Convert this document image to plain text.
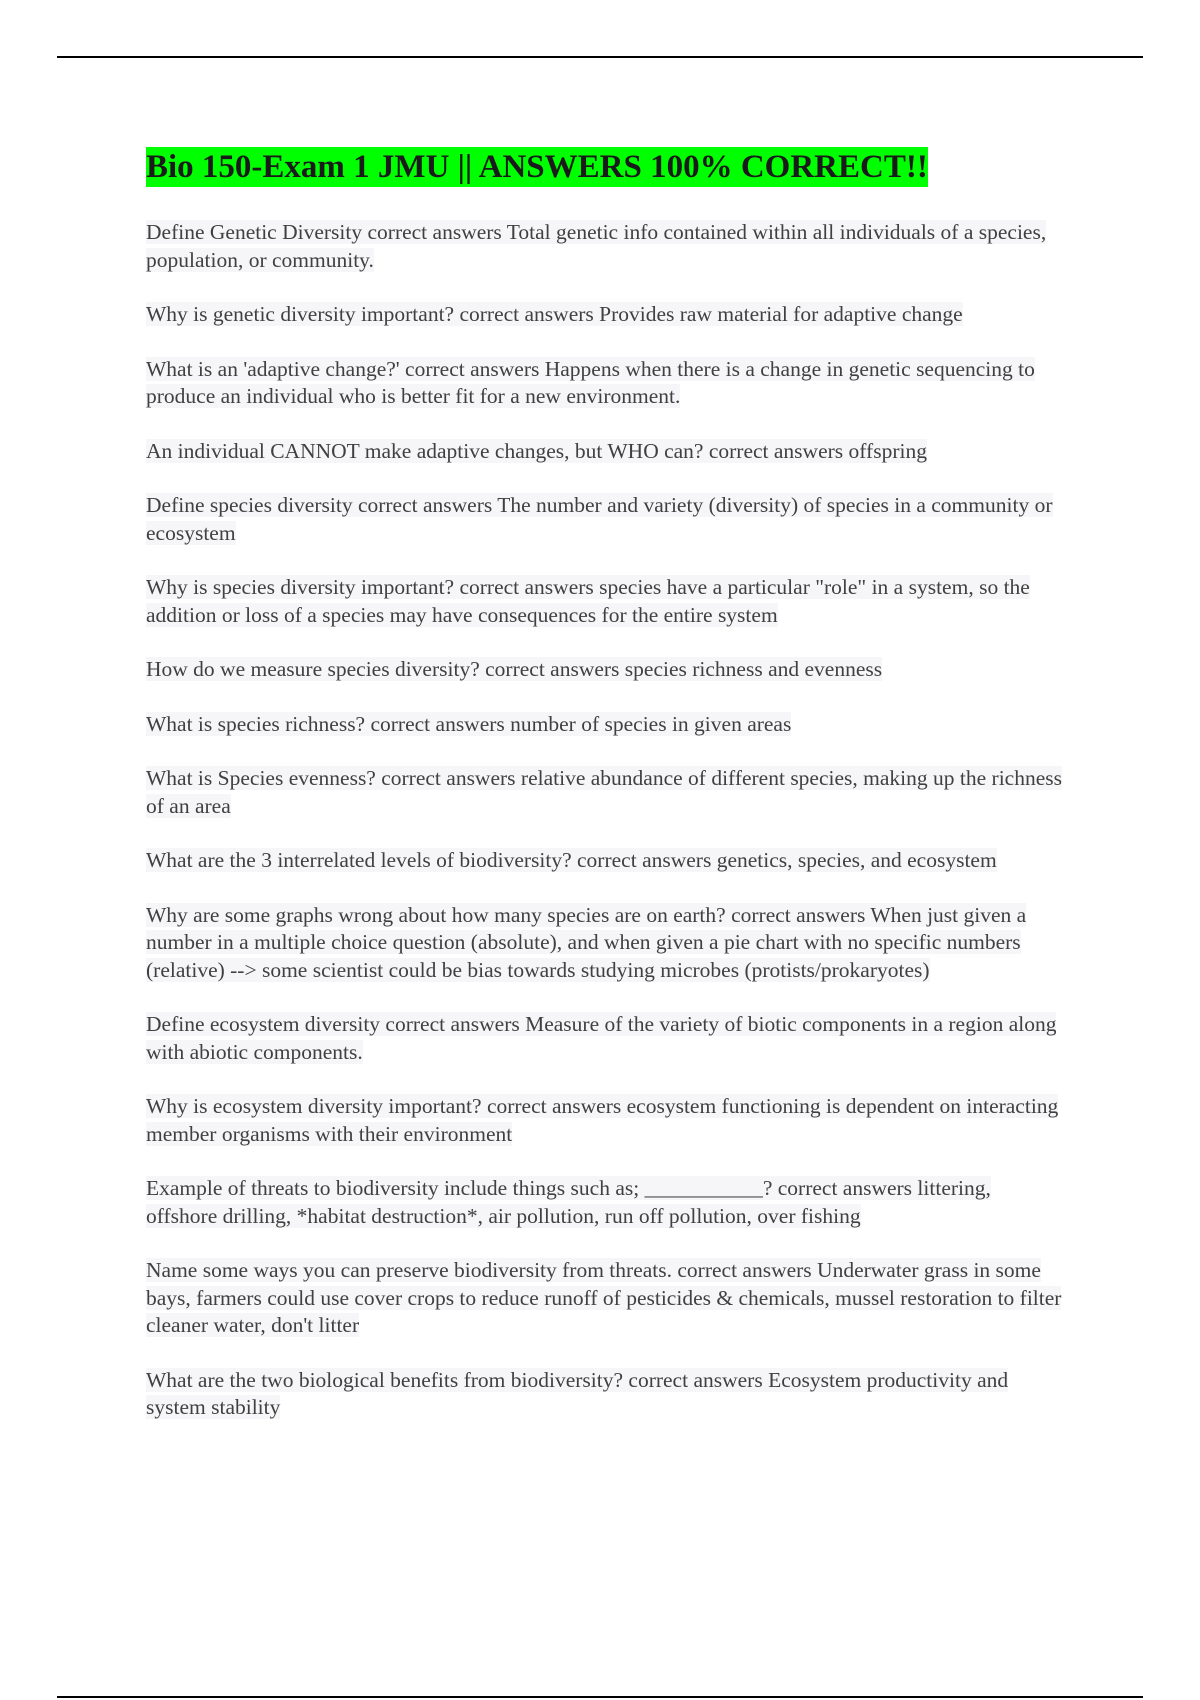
Bio 150-Exam 1 JMU || ANSWERS 100% CORRECT!!
Define Genetic Diversity correct answers Total genetic info contained within all individuals of a species, population, or community.
Why is genetic diversity important? correct answers Provides raw material for adaptive change
What is an 'adaptive change?' correct answers Happens when there is a change in genetic sequencing to produce an individual who is better fit for a new environment.
An individual CANNOT make adaptive changes, but WHO can? correct answers offspring
Define species diversity correct answers The number and variety (diversity) of species in a community or ecosystem
Why is species diversity important? correct answers species have a particular "role" in a system, so the addition or loss of a species may have consequences for the entire system
How do we measure species diversity? correct answers species richness and evenness
What is species richness? correct answers number of species in given areas
What is Species evenness? correct answers relative abundance of different species, making up the richness of an area
What are the 3 interrelated levels of biodiversity? correct answers genetics, species, and ecosystem
Why are some graphs wrong about how many species are on earth? correct answers When just given a number in a multiple choice question (absolute), and when given a pie chart with no specific numbers (relative) --> some scientist could be bias towards studying microbes (protists/prokaryotes)
Define ecosystem diversity correct answers Measure of the variety of biotic components in a region along with abiotic components.
Why is ecosystem diversity important? correct answers ecosystem functioning is dependent on interacting member organisms with their environment
Example of threats to biodiversity include things such as; ___________? correct answers littering, offshore drilling, *habitat destruction*, air pollution, run off pollution, over fishing
Name some ways you can preserve biodiversity from threats. correct answers Underwater grass in some bays, farmers could use cover crops to reduce runoff of pesticides & chemicals, mussel restoration to filter cleaner water, don't litter
What are the two biological benefits from biodiversity? correct answers Ecosystem productivity and system stability
